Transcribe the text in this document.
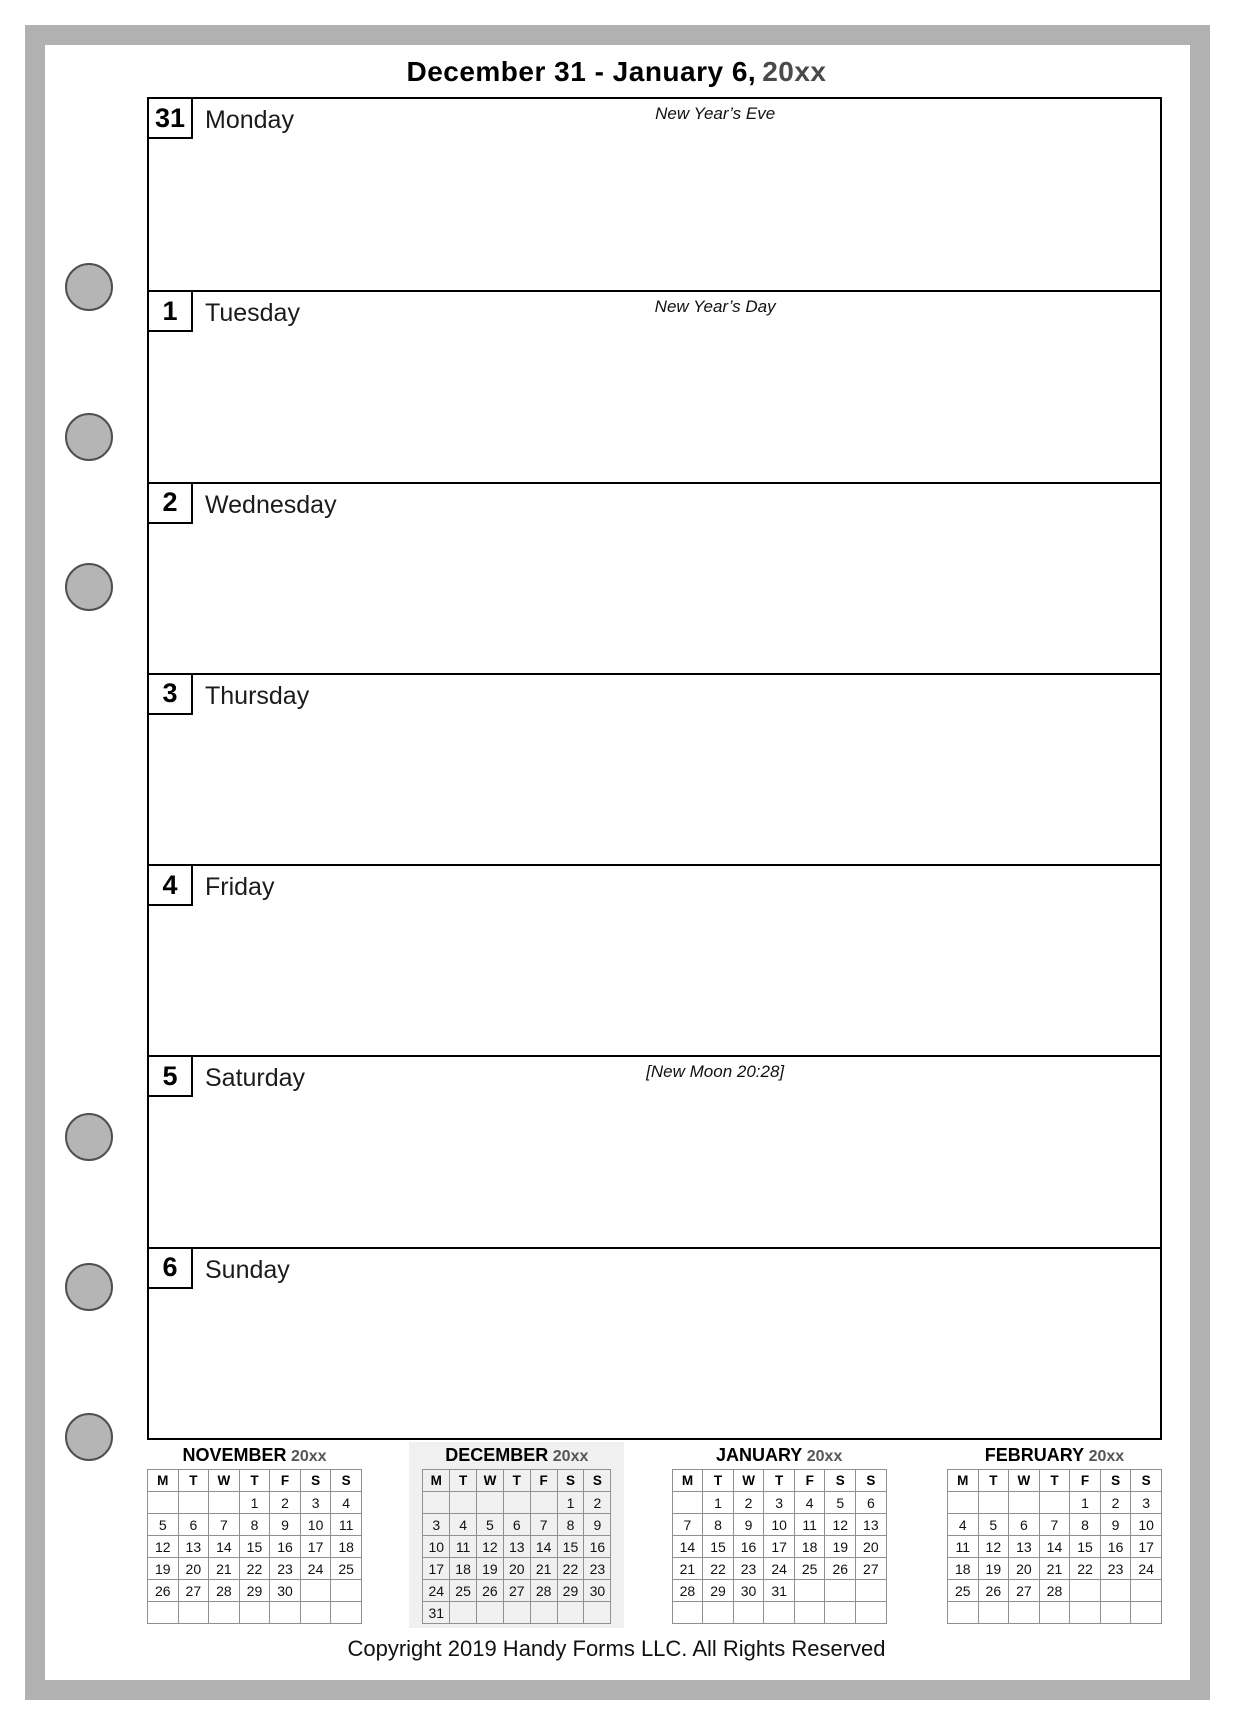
December 31 - January 6, 20xx
31 Monday	New Year’s Eve
1 Tuesday	New Year’s Day
2 Wednesday
3 Thursday
4 Friday
5 Saturday	[New Moon 20:28]
6 Sunday
NOVEMBER 20xx
M	T	W	T	F	S	S
			1	2	3	4
5	6	7	8	9	10	11
12	13	14	15	16	17	18
19	20	21	22	23	24	25
26	27	28	29	30		

DECEMBER 20xx
M	T	W	T	F	S	S
					1	2
3	4	5	6	7	8	9
10	11	12	13	14	15	16
17	18	19	20	21	22	23
24	25	26	27	28	29	30
31						
JANUARY 20xx
M	T	W	T	F	S	S
	1	2	3	4	5	6
7	8	9	10	11	12	13
14	15	16	17	18	19	20
21	22	23	24	25	26	27
28	29	30	31			

FEBRUARY 20xx
M	T	W	T	F	S	S
				1	2	3
4	5	6	7	8	9	10
11	12	13	14	15	16	17
18	19	20	21	22	23	24
25	26	27	28			

Copyright 2019 Handy Forms LLC. All Rights Reserved
